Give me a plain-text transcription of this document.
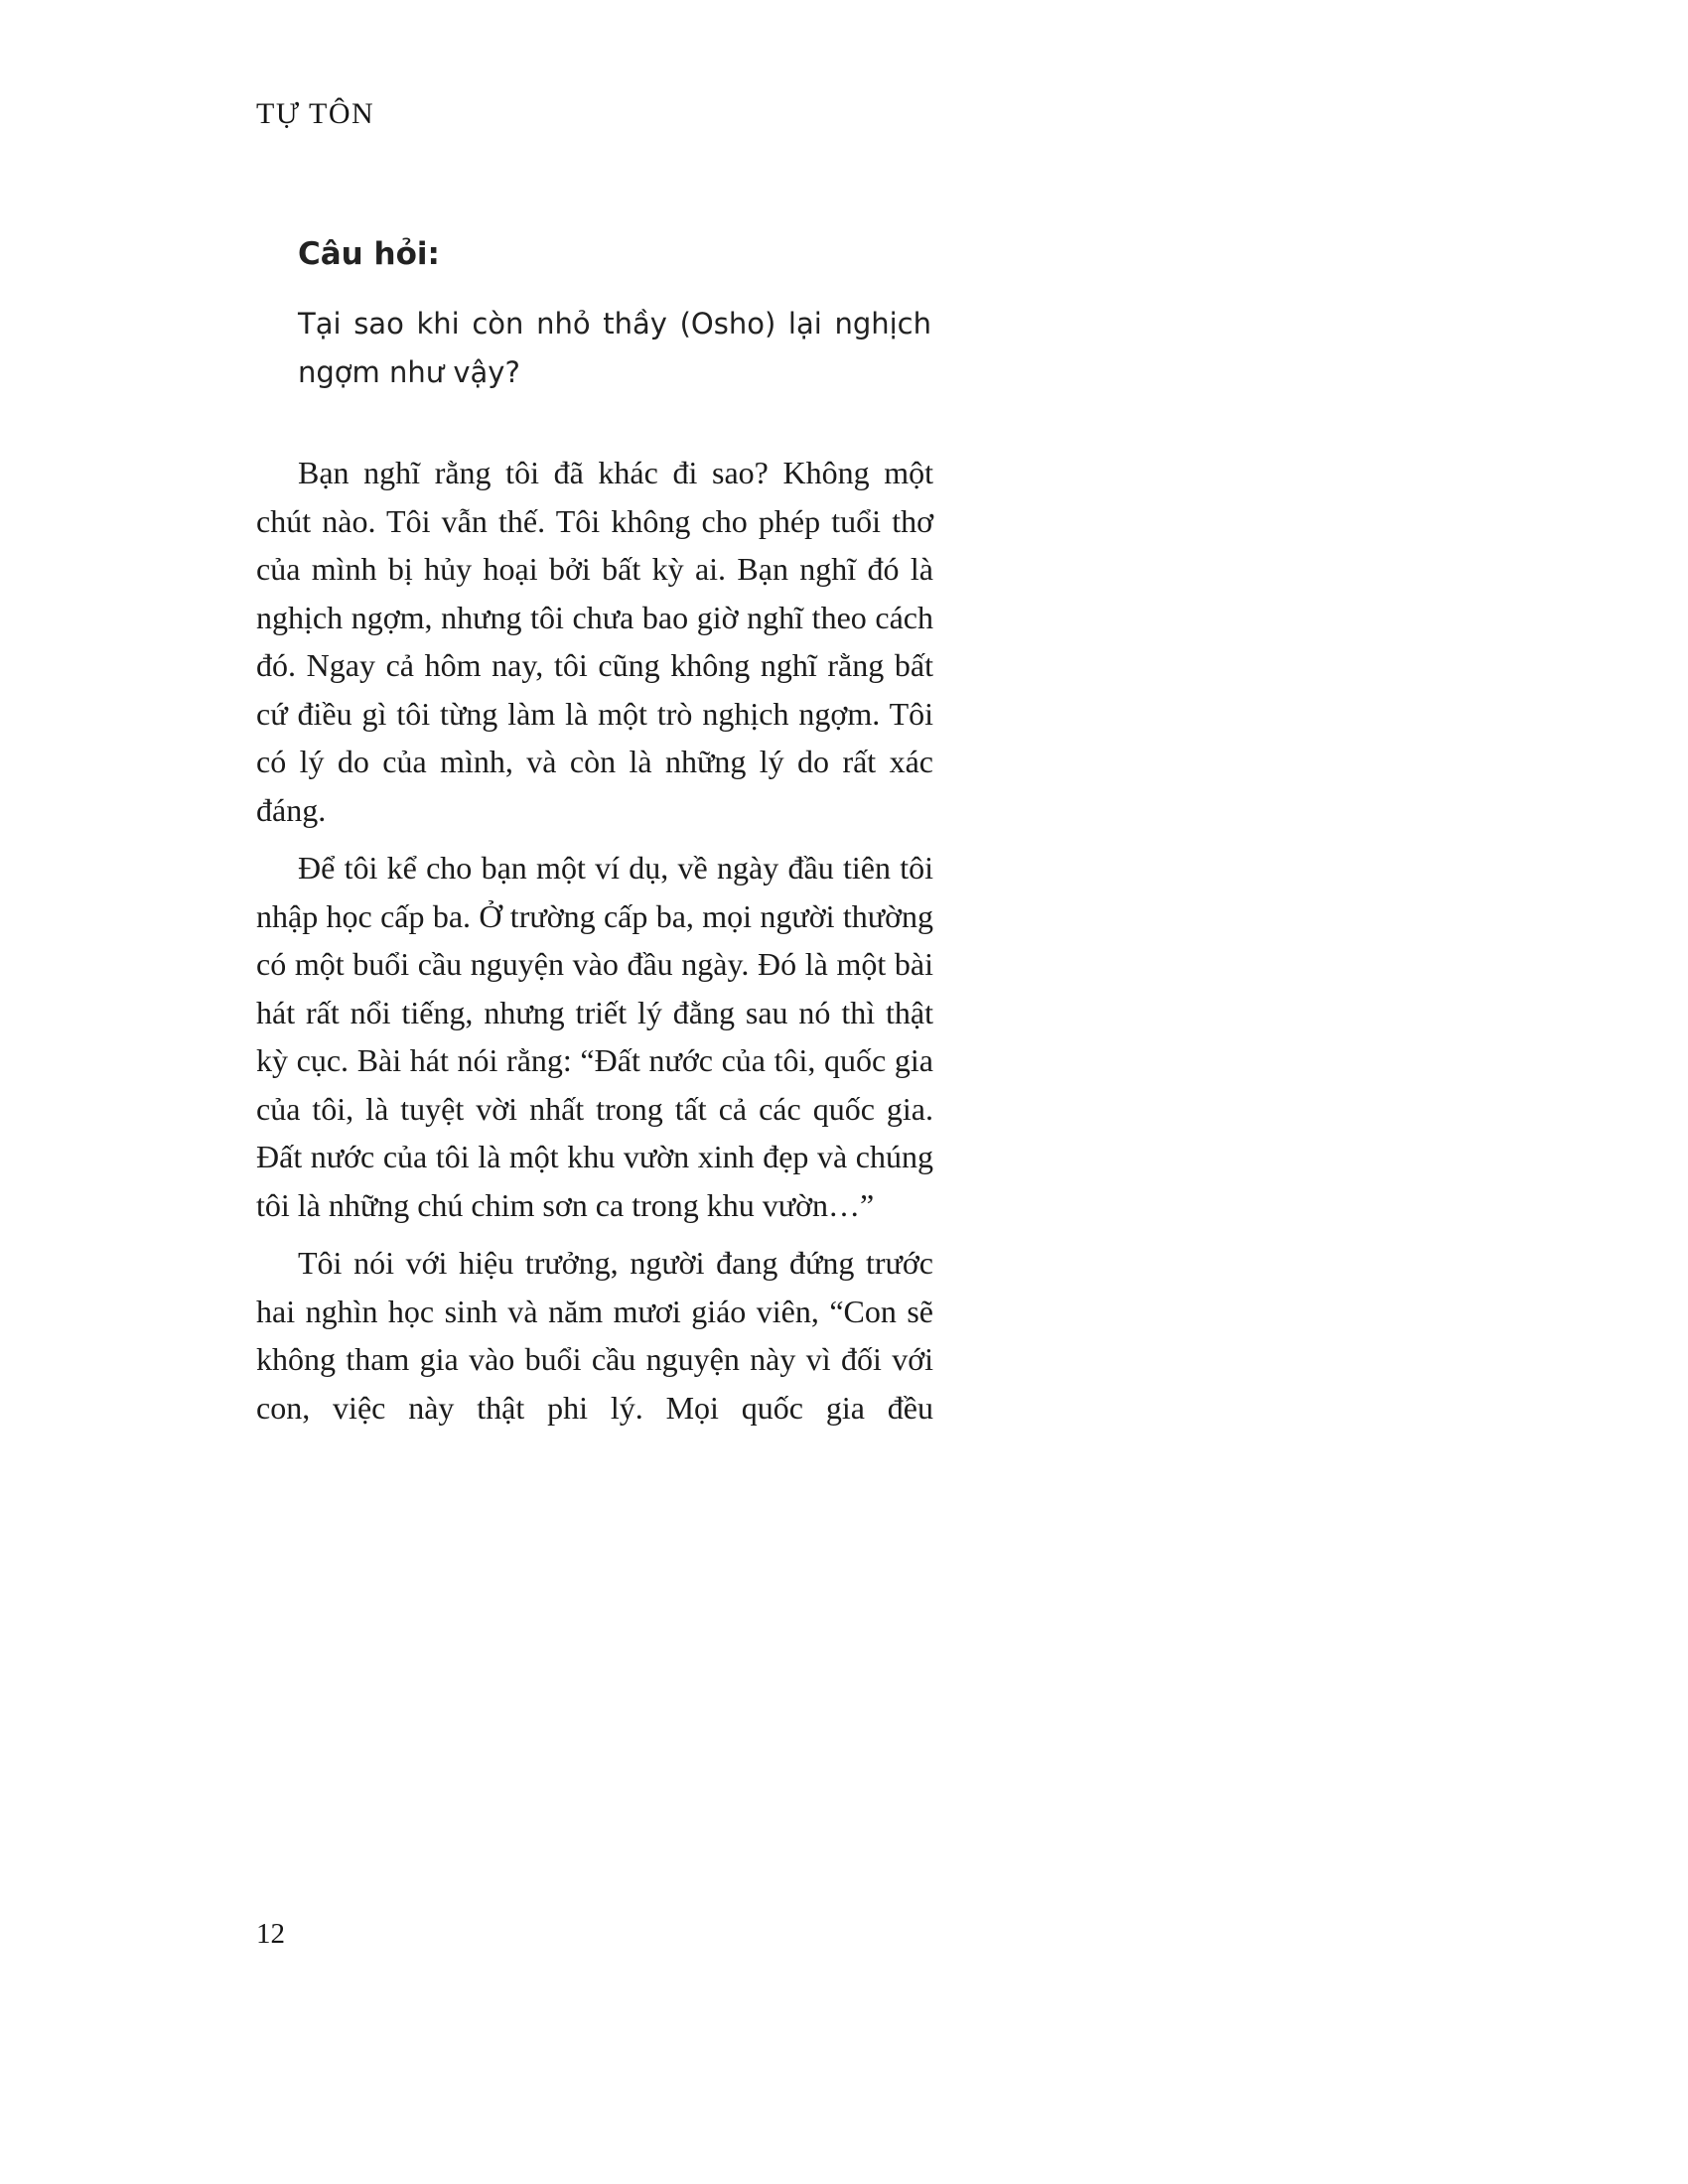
TỰ TÔN
Câu hỏi:
Tại sao khi còn nhỏ thầy (Osho) lại nghịch ngợm như vậy?

Bạn nghĩ rằng tôi đã khác đi sao? Không một chút nào. Tôi vẫn thế. Tôi không cho phép tuổi thơ của mình bị hủy hoại bởi bất kỳ ai. Bạn nghĩ đó là nghịch ngợm, nhưng tôi chưa bao giờ nghĩ theo cách đó. Ngay cả hôm nay, tôi cũng không nghĩ rằng bất cứ điều gì tôi từng làm là một trò nghịch ngợm. Tôi có lý do của mình, và còn là những lý do rất xác đáng.

Để tôi kể cho bạn một ví dụ, về ngày đầu tiên tôi nhập học cấp ba. Ở trường cấp ba, mọi người thường có một buổi cầu nguyện vào đầu ngày. Đó là một bài hát rất nổi tiếng, nhưng triết lý đằng sau nó thì thật kỳ cục. Bài hát nói rằng: “Đất nước của tôi, quốc gia của tôi, là tuyệt vời nhất trong tất cả các quốc gia. Đất nước của tôi là một khu vườn xinh đẹp và chúng tôi là những chú chim sơn ca trong khu vườn…”

Tôi nói với hiệu trưởng, người đang đứng trước hai nghìn học sinh và năm mươi giáo viên, “Con sẽ không tham gia vào buổi cầu nguyện này vì đối với con, việc này thật phi lý. Mọi quốc gia đều

12
